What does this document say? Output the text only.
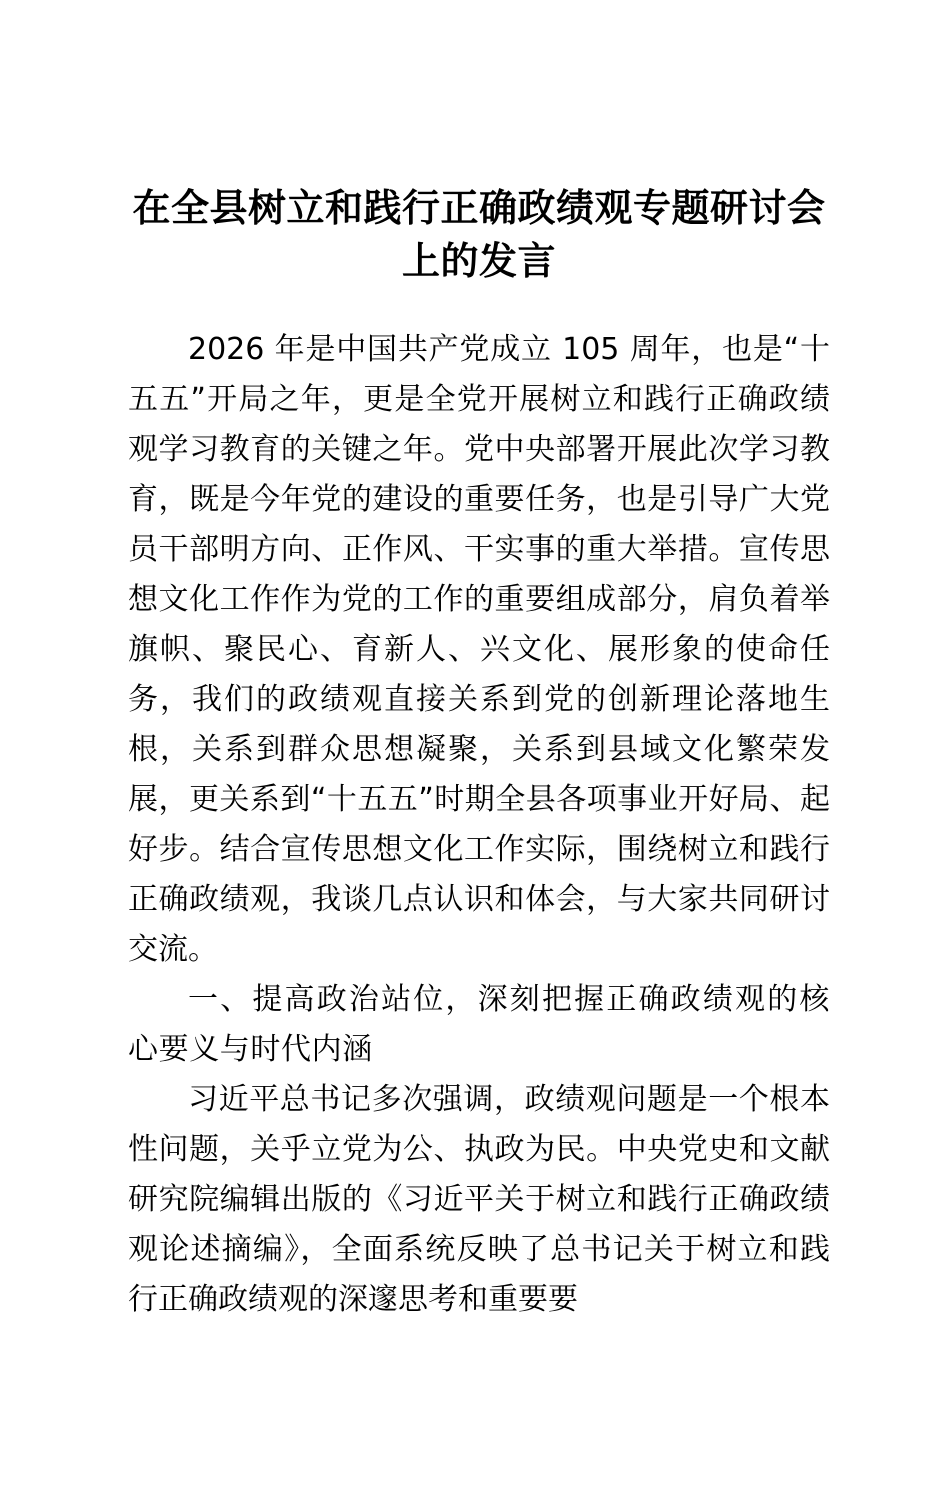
在全县树立和践行正确政绩观专题研讨会上的发言

2026 年是中国共产党成立 105 周年，也是“十五五”开局之年，更是全党开展树立和践行正确政绩观学习教育的关键之年。党中央部署开展此次学习教育，既是今年党的建设的重要任务，也是引导广大党员干部明方向、正作风、干实事的重大举措。宣传思想文化工作作为党的工作的重要组成部分，肩负着举旗帜、聚民心、育新人、兴文化、展形象的使命任务，我们的政绩观直接关系到党的创新理论落地生根，关系到群众思想凝聚，关系到县域文化繁荣发展，更关系到“十五五”时期全县各项事业开好局、起好步。结合宣传思想文化工作实际，围绕树立和践行正确政绩观，我谈几点认识和体会，与大家共同研讨交流。

一、提高政治站位，深刻把握正确政绩观的核心要义与时代内涵

习近平总书记多次强调，政绩观问题是一个根本性问题，关乎立党为公、执政为民。中央党史和文献研究院编辑出版的《习近平关于树立和践行正确政绩观论述摘编》，全面系统反映了总书记关于树立和践行正确政绩观的深邃思考和重要要
